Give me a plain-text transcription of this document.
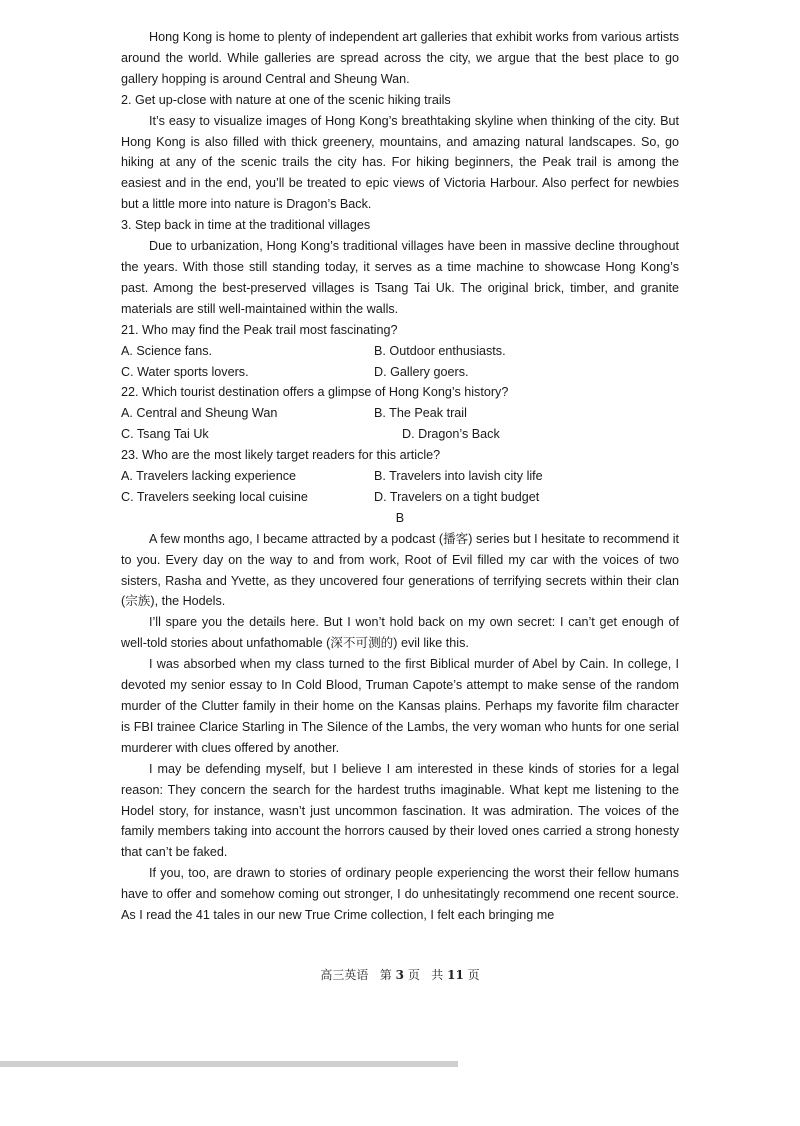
Hong Kong is home to plenty of independent art galleries that exhibit works from various artists around the world. While galleries are spread across the city, we argue that the best place to go gallery hopping is around Central and Sheung Wan.

2. Get up-close with nature at one of the scenic hiking trails

It’s easy to visualize images of Hong Kong’s breathtaking skyline when thinking of the city. But Hong Kong is also filled with thick greenery, mountains, and amazing natural landscapes. So, go hiking at any of the scenic trails the city has. For hiking beginners, the Peak trail is among the easiest and in the end, you’ll be treated to epic views of Victoria Harbour. Also perfect for newbies but a little more into nature is Dragon’s Back.

3. Step back in time at the traditional villages

Due to urbanization, Hong Kong’s traditional villages have been in massive decline throughout the years. With those still standing today, it serves as a time machine to showcase Hong Kong’s past. Among the best-preserved villages is Tsang Tai Uk. The original brick, timber, and granite materials are still well-maintained within the walls.

21. Who may find the Peak trail most fascinating?

A. Science fans.	B. Outdoor enthusiasts.
C. Water sports lovers.	D. Gallery goers.

22. Which tourist destination offers a glimpse of Hong Kong’s history?

A. Central and Sheung Wan	B. The Peak trail
C. Tsang Tai Uk	D. Dragon’s Back

23. Who are the most likely target readers for this article?

A. Travelers lacking experience	B. Travelers into lavish city life
C. Travelers seeking local cuisine	D. Travelers on a tight budget
B

A few months ago, I became attracted by a podcast (播客) series but I hesitate to recommend it to you. Every day on the way to and from work, Root of Evil filled my car with the voices of two sisters, Rasha and Yvette, as they uncovered four generations of terrifying secrets within their clan (宗族), the Hodels.

I’ll spare you the details here. But I won’t hold back on my own secret: I can’t get enough of well-told stories about unfathomable (深不可测的) evil like this.

I was absorbed when my class turned to the first Biblical murder of Abel by Cain. In college, I devoted my senior essay to In Cold Blood, Truman Capote’s attempt to make sense of the random murder of the Clutter family in their home on the Kansas plains. Perhaps my favorite film character is FBI trainee Clarice Starling in The Silence of the Lambs, the very woman who hunts for one serial murderer with clues offered by another.

I may be defending myself, but I believe I am interested in these kinds of stories for a legal reason: They concern the search for the hardest truths imaginable. What kept me listening to the Hodel story, for instance, wasn’t just uncommon fascination. It was admiration. The voices of the family members taking into account the horrors caused by their loved ones carried a strong honesty that can’t be faked.

If you, too, are drawn to stories of ordinary people experiencing the worst their fellow humans have to offer and somehow coming out stronger, I do unhesitatingly recommend one recent source. As I read the 41 tales in our new True Crime collection, I felt each bringing me

高三英语 第 3 页 共 11 页
